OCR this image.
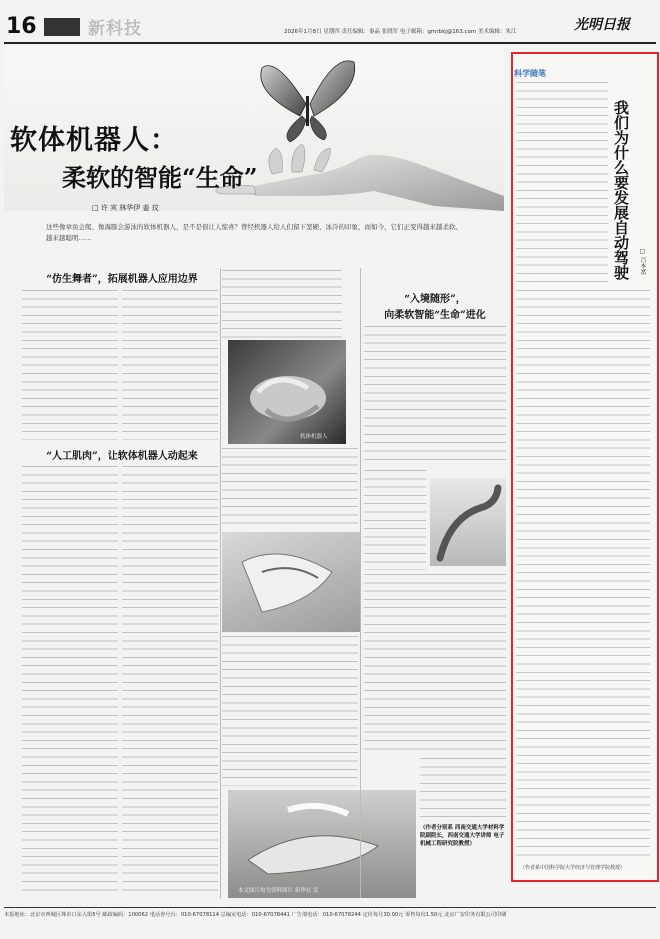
16	新科技	2026年1月8日 星期四 责任编辑：秦晶 张晓军 电子邮箱：gmrbkj@163.com 美术编辑：朱江	光明日报
软体机器人：
柔软的智能“生命”
□ 许 宾 林华伊 姜 玟
这些像章鱼会爬、像海豚会游泳的软体机器人，是不是很让人惊喜？曾经机器人给人们留下坚硬、冰冷的印象，而如今，它们正变得越来越柔软、越来越聪明……
“仿生舞者”，拓展机器人应用边界
“人工肌肉”，让软体机器人动起来
软体机器人
“入境随形”，
向柔软智能“生命”进化
本文图片均为资料图片 新华社 发
（作者分别系 西南交通大学材料学院副院长，西南交通大学讲师 电子机械工程研究院教授）
科学随笔
我们为什么要发展自动驾驶 □ 吕本富
（作者系中国科学院大学经济与管理学院教授）
本报地址：北京市西城区珠市口东大街5号 邮政编码：100062 电话查号台：010-67078114 总编室电话：010-67078441 广告部电话：010-67078244 定价每月30.00元 零售每份1.50元 北京广安印务有限公司印刷
